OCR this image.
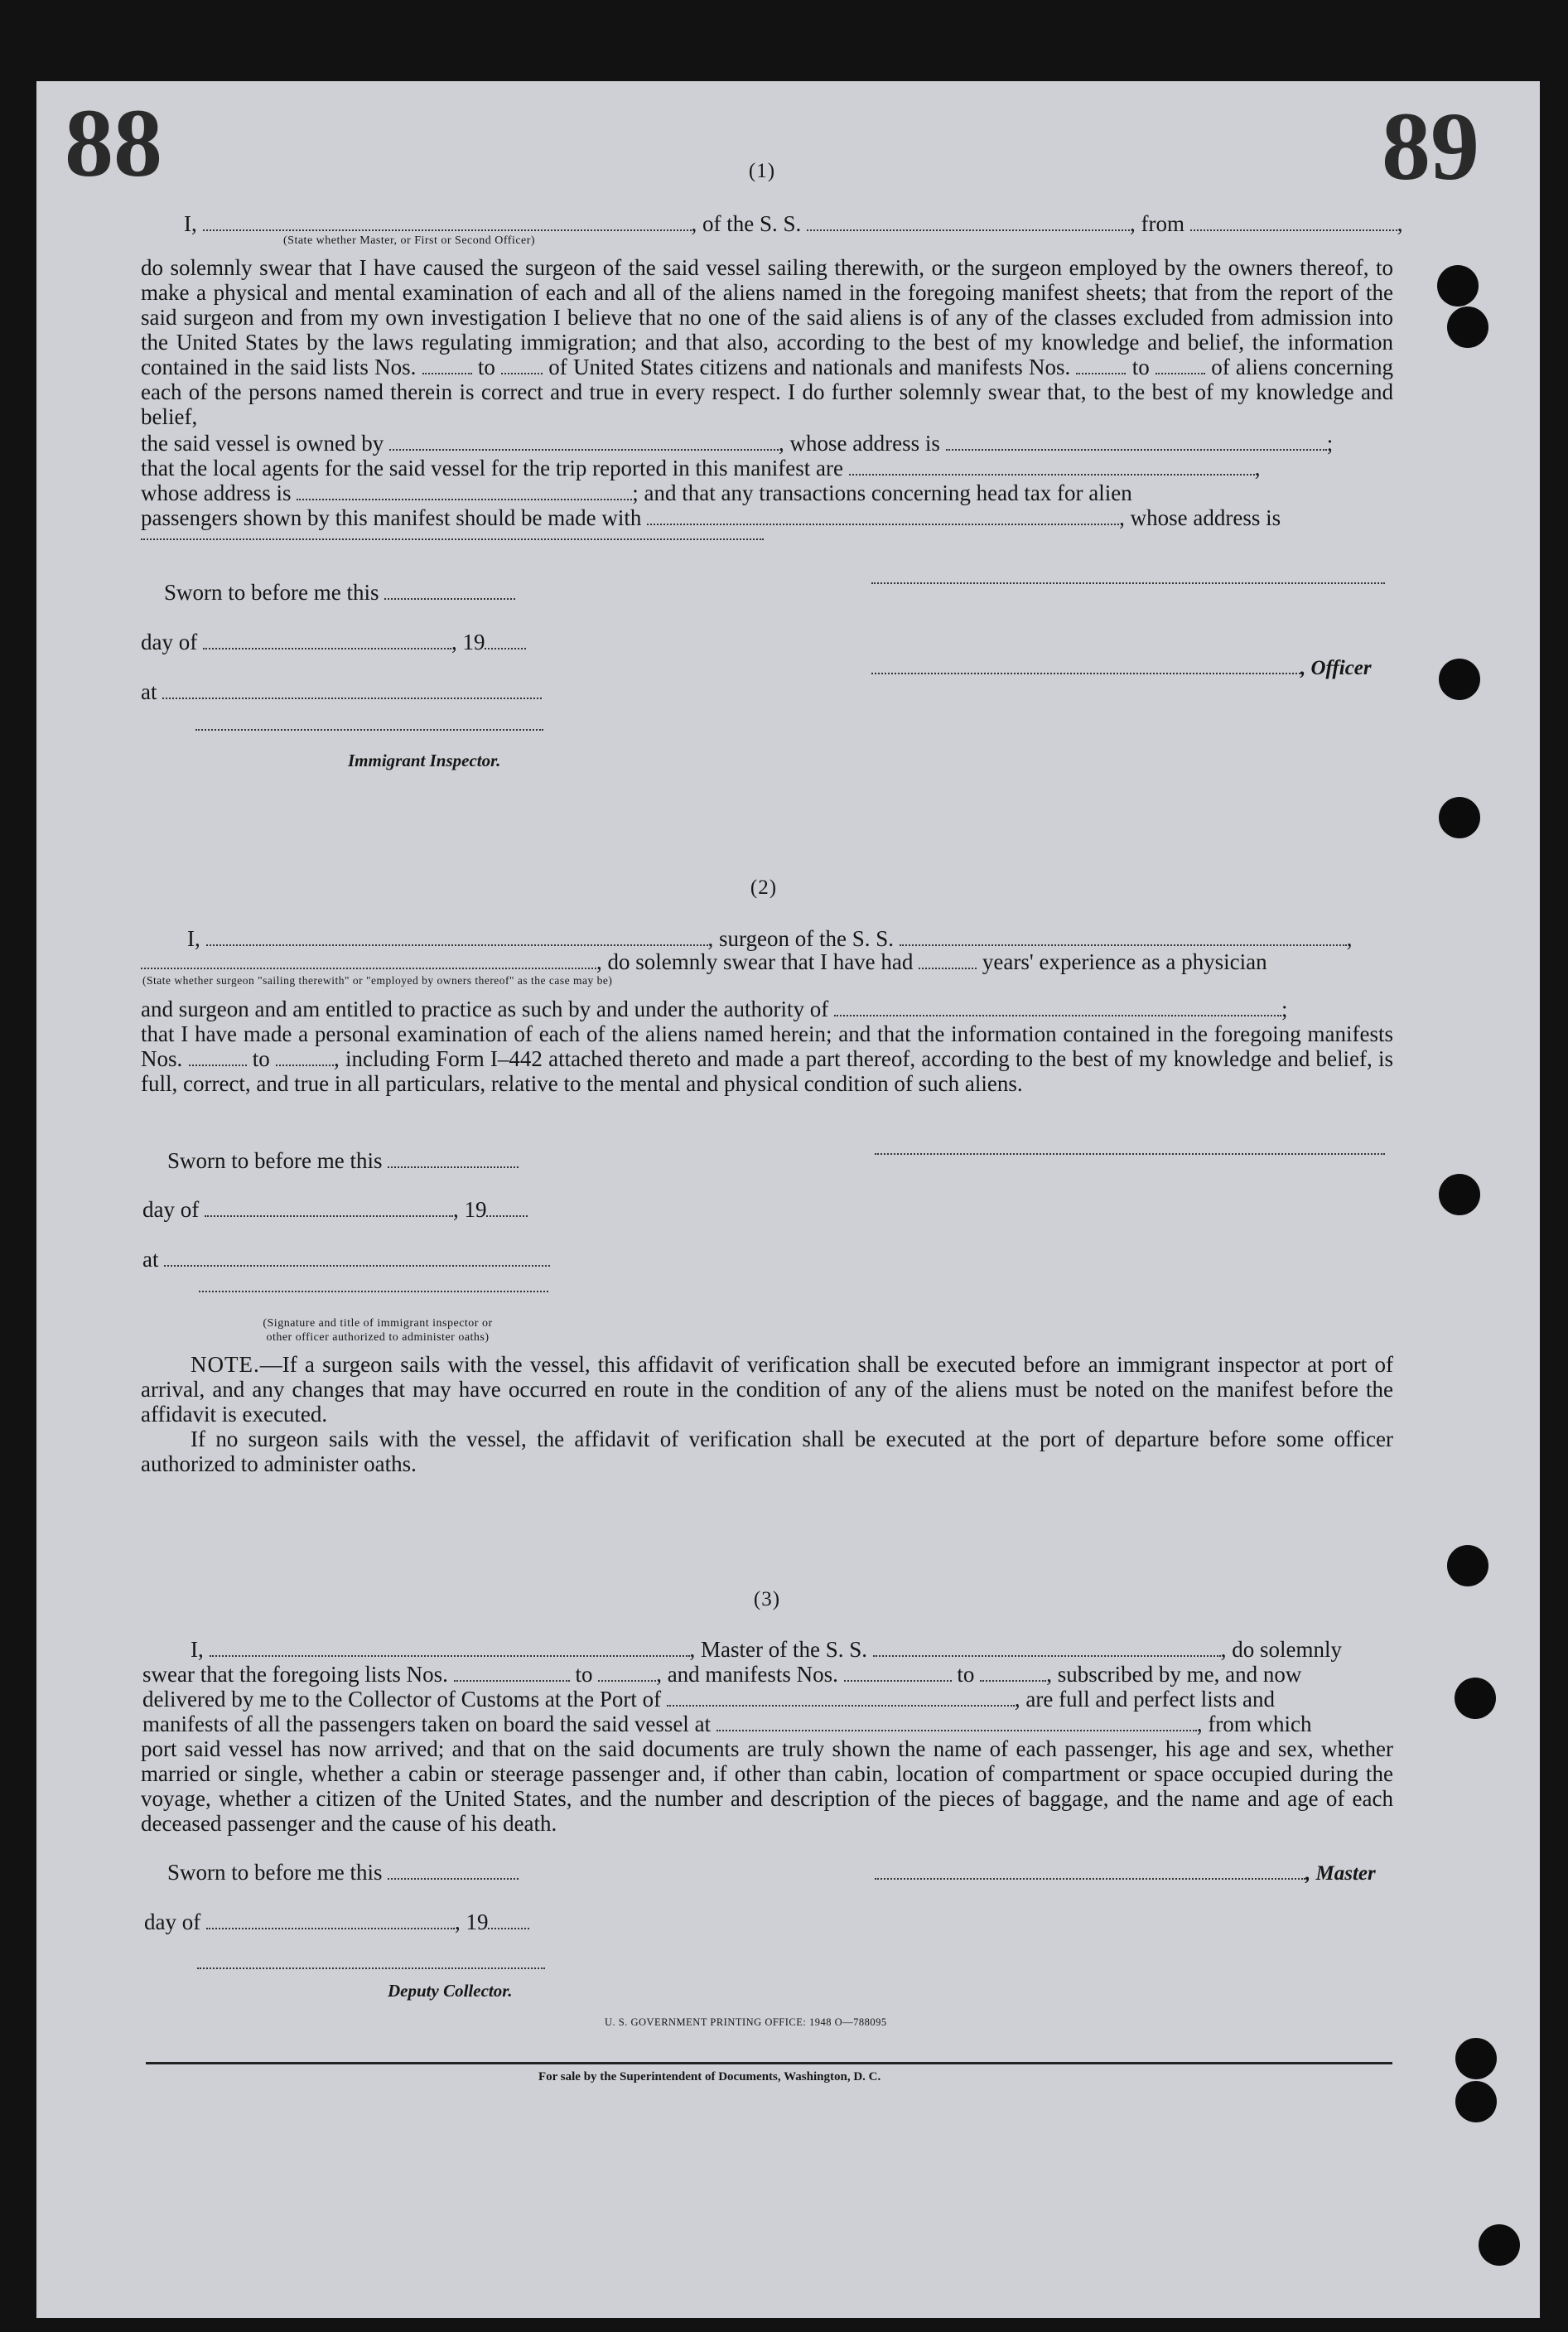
88	89
(1)
I,	, of the S. S.	, from	,
(State whether Master, or First or Second Officer)
do solemnly swear that I have caused the surgeon of the said vessel sailing therewith, or the surgeon employed by the owners thereof, to make a physical and mental examination of each and all of the aliens named in the foregoing manifest sheets; that from the report of the said surgeon and from my own investigation I believe that no one of the said aliens is of any of the classes excluded from admission into the United States by the laws regulating immigration; and that also, according to the best of my knowledge and belief, the information contained in the said lists Nos.	to of United States citizens and nationals and manifests Nos.	to	of aliens concerning each of the persons named therein is correct and true in every respect. I do further solemnly swear that, to the best of my knowledge and belief,
the said vessel is owned by	, whose address is	;
that the local agents for the said vessel for the trip reported in this manifest are	,
whose address is	; and that any transactions concerning head tax for alien
passengers shown by this manifest should be made with	, whose address is
Sworn to before me this
day of	, 19
, Officer
at
Immigrant Inspector.
(2)
I,	, surgeon of the S. S.	,
, do solemnly swear that I have had	years' experience as a physician
(State whether surgeon "sailing therewith" or "employed by owners thereof" as the case may be)
and surgeon and am entitled to practice as such by and under the authority of	;
that I have made a personal examination of each of the aliens named herein; and that the information contained in the foregoing manifests Nos.	to	, including Form I–442 attached thereto and made a part thereof, according to the best of my knowledge and belief, is full, correct, and true in all particulars, relative to the mental and physical condition of such aliens.
Sworn to before me this
day of	, 19
at
(Signature and title of immigrant inspector or
other officer authorized to administer oaths)
NOTE.—If a surgeon sails with the vessel, this affidavit of verification shall be executed before an immigrant inspector at port of arrival, and any changes that may have occurred en route in the condition of any of the aliens must be noted on the manifest before the affidavit is executed.
If no surgeon sails with the vessel, the affidavit of verification shall be executed at the port of departure before some officer authorized to administer oaths.
(3)
I,	, Master of the S. S.	, do solemnly
swear that the foregoing lists Nos.	to	, and manifests Nos.	to	, subscribed by me, and now
delivered by me to the Collector of Customs at the Port of	, are full and perfect lists and
manifests of all the passengers taken on board the said vessel at	, from which
port said vessel has now arrived; and that on the said documents are truly shown the name of each passenger, his age and sex, whether married or single, whether a cabin or steerage passenger and, if other than cabin, location of compartment or space occupied during the voyage, whether a citizen of the United States, and the number and description of the pieces of baggage, and the name and age of each deceased passenger and the cause of his death.
Sworn to before me this	, Master
day of	, 19
Deputy Collector.
U. S. GOVERNMENT PRINTING OFFICE: 1948 O—788095
For sale by the Superintendent of Documents, Washington, D. C.
